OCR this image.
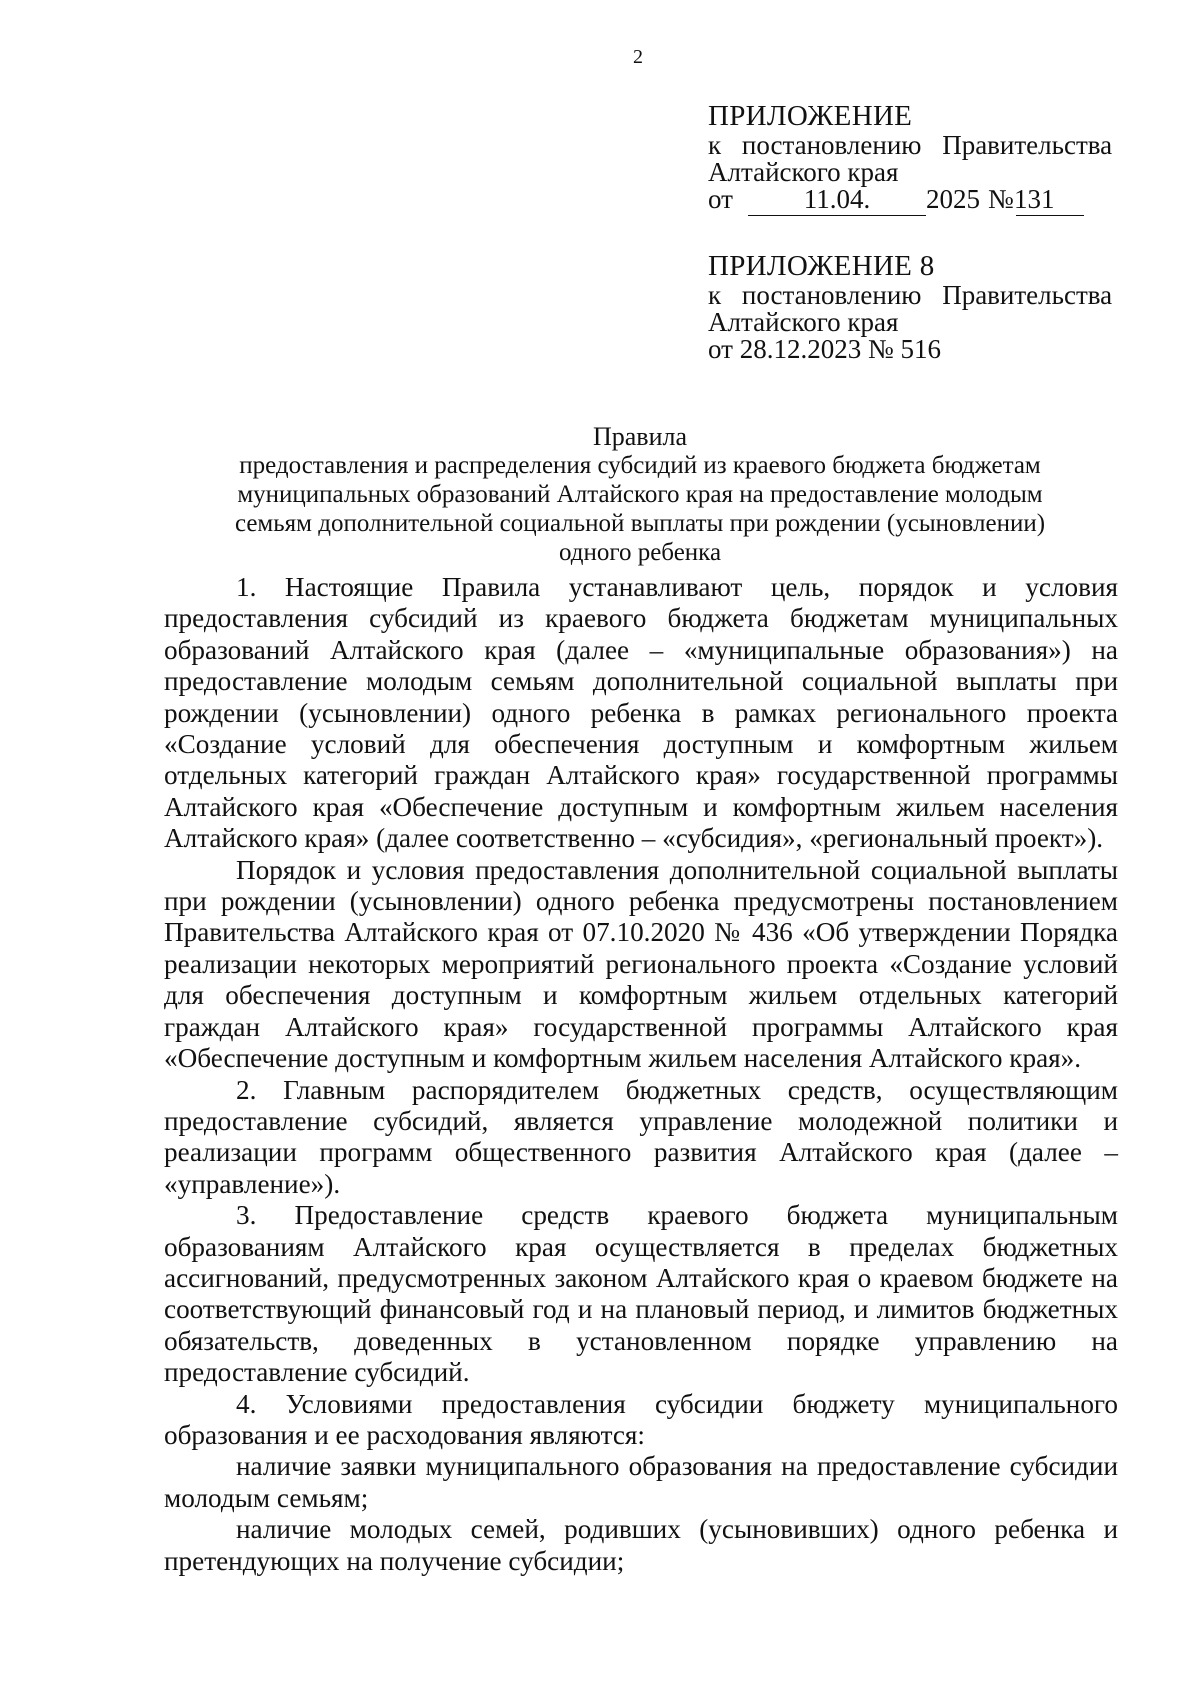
2
ПРИЛОЖЕНИЕ
к постановлению Правительства
Алтайского края
от	11.04.	2025 № 131
ПРИЛОЖЕНИЕ 8
к постановлению Правительства
Алтайского края
от 28.12.2023 № 516
Правила
предоставления и распределения субсидий из краевого бюджета бюджетам
муниципальных образований Алтайского края на предоставление молодым
семьям дополнительной социальной выплаты при рождении (усыновлении)
одного ребенка

1. Настоящие Правила устанавливают цель, порядок и условия предоставления субсидий из краевого бюджета бюджетам муниципальных образований Алтайского края (далее – «муниципальные образования») на предоставление молодым семьям дополнительной социальной выплаты при рождении (усыновлении) одного ребенка в рамках регионального проекта «Создание условий для обеспечения доступным и комфортным жильем отдельных категорий граждан Алтайского края» государственной программы Алтайского края «Обеспечение доступным и комфортным жильем населения Алтайского края» (далее соответственно – «субсидия», «региональный проект»).

Порядок и условия предоставления дополнительной социальной выплаты при рождении (усыновлении) одного ребенка предусмотрены постановлением Правительства Алтайского края от 07.10.2020 № 436 «Об утверждении Порядка реализации некоторых мероприятий регионального проекта «Создание условий для обеспечения доступным и комфортным жильем отдельных категорий граждан Алтайского края» государственной программы Алтайского края «Обеспечение доступным и комфортным жильем населения Алтайского края».

2. Главным распорядителем бюджетных средств, осуществляющим предоставление субсидий, является управление молодежной политики и реализации программ общественного развития Алтайского края (далее – «управление»).

3. Предоставление средств краевого бюджета муниципальным образованиям Алтайского края осуществляется в пределах бюджетных ассигнований, предусмотренных законом Алтайского края о краевом бюджете на соответствующий финансовый год и на плановый период, и лимитов бюджетных обязательств, доведенных в установленном порядке управлению на предоставление субсидий.

4. Условиями предоставления субсидии бюджету муниципального образования и ее расходования являются:

наличие заявки муниципального образования на предоставление субсидии молодым семьям;

наличие молодых семей, родивших (усыновивших) одного ребенка и претендующих на получение субсидии;
